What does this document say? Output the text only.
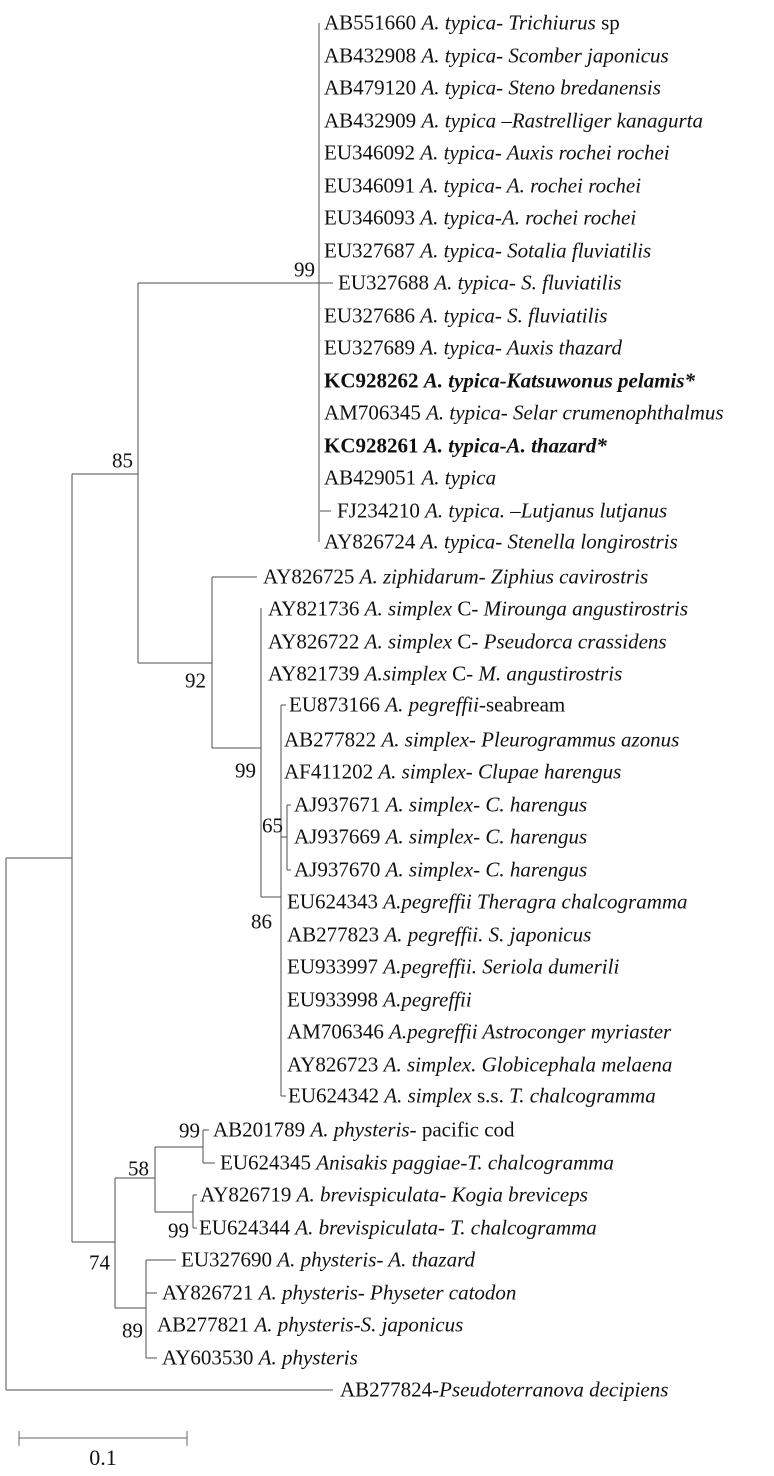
AB551660 A. typica- Trichiurus sp
AB432908 A. typica- Scomber japonicus
AB479120 A. typica- Steno bredanensis
AB432909 A. typica –Rastrelliger kanagurta
EU346092 A. typica- Auxis rochei rochei
EU346091 A. typica- A. rochei rochei
EU346093 A. typica-A. rochei rochei
EU327687 A. typica- Sotalia fluviatilis
EU327688 A. typica- S. fluviatilis
EU327686 A. typica- S. fluviatilis
EU327689 A. typica- Auxis thazard
KC928262 A. typica-Katsuwonus pelamis*
AM706345 A. typica- Selar crumenophthalmus
KC928261 A. typica-A. thazard*
AB429051 A. typica
FJ234210 A. typica. –Lutjanus lutjanus
AY826724 A. typica- Stenella longirostris
AY826725 A. ziphidarum- Ziphius cavirostris
AY821736 A. simplex C- Mirounga angustirostris
AY826722 A. simplex C- Pseudorca crassidens
AY821739 A.simplex C- M. angustirostris
EU873166 A. pegreffii-seabream
AB277822 A. simplex- Pleurogrammus azonus
AF411202 A. simplex- Clupae harengus
AJ937671 A. simplex- C. harengus
AJ937669 A. simplex- C. harengus
AJ937670 A. simplex- C. harengus
EU624343 A.pegreffii Theragra chalcogramma
AB277823 A. pegreffii. S. japonicus
EU933997 A.pegreffii. Seriola dumerili
EU933998 A.pegreffii
AM706346 A.pegreffii Astroconger myriaster
AY826723 A. simplex. Globicephala melaena
EU624342 A. simplex s.s. T. chalcogramma
AB201789 A. physteris- pacific cod
EU624345 Anisakis paggiae-T. chalcogramma
AY826719 A. brevispiculata- Kogia breviceps
EU624344 A. brevispiculata- T. chalcogramma
EU327690 A. physteris- A. thazard
AY826721 A. physteris- Physeter catodon
AB277821 A. physteris-S. japonicus
AY603530 A. physteris
AB277824-Pseudoterranova decipiens
99
85
92
99
65
86
99
58
99
74
89
0.1
